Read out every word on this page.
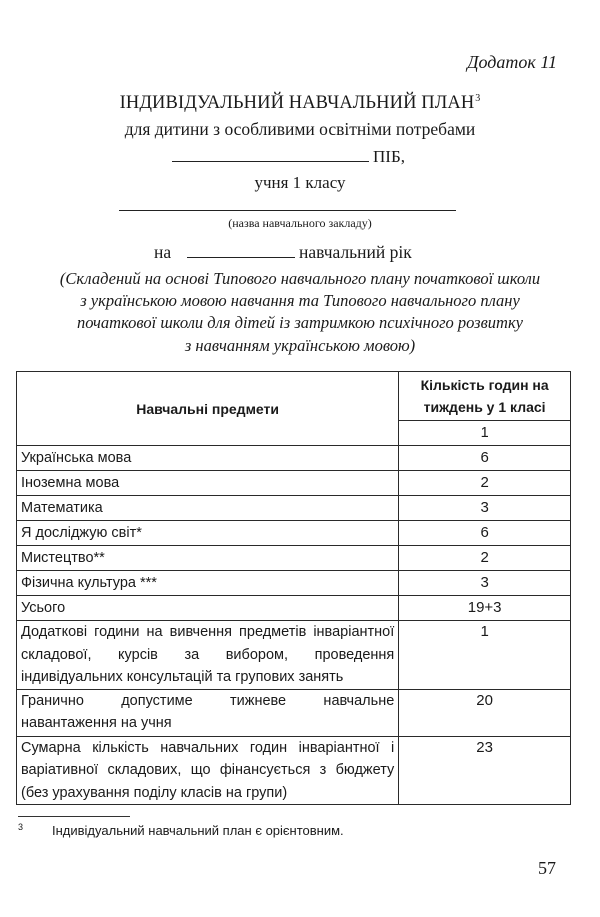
Додаток 11
ІНДИВІДУАЛЬНИЙ НАВЧАЛЬНИЙ ПЛАН$^3$
для дитини з особливими освітніми потребами
ПІБ,
учня 1 класу
(назва навчального закладу)
на	навчальний рік
(Складений на основі Типового навчального плану початкової школи
з українською мовою навчання та Типового навчального плану
початкової школи для дітей із затримкою психічного розвитку
з навчанням українською мовою)
Навчальні предмети	Кількість годин на тиждень у 1 класі
	1
Українська мова	6
Іноземна мова	2
Математика	3
Я досліджую світ*	6
Мистецтво**	2
Фізична культура ***	3
Усього	19+3
Додаткові години на вивчення предметів інваріантної складової, курсів за вибором, проведення індивідуальних консультацій та групових занять	1
Гранично допустиме тижневе навчальне навантаження на учня	20
Сумарна кількість навчальних годин інваріантної і варіативної складових, що фінансується з бюджету (без урахування поділу класів на групи)	23
3 Індивідуальний навчальний план є орієнтовним.
57
